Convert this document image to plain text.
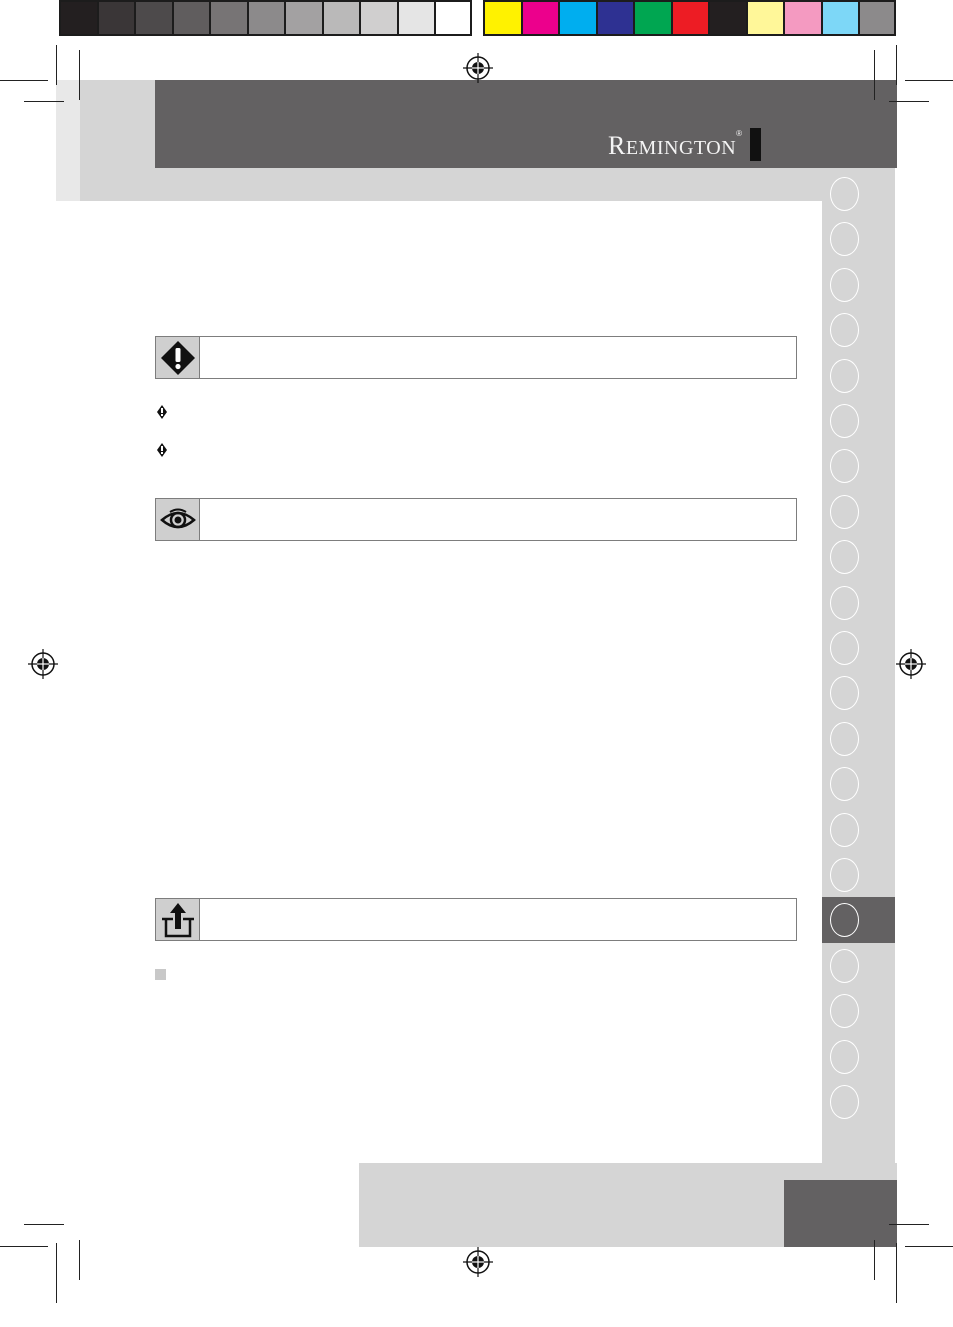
REMINGTON
®
